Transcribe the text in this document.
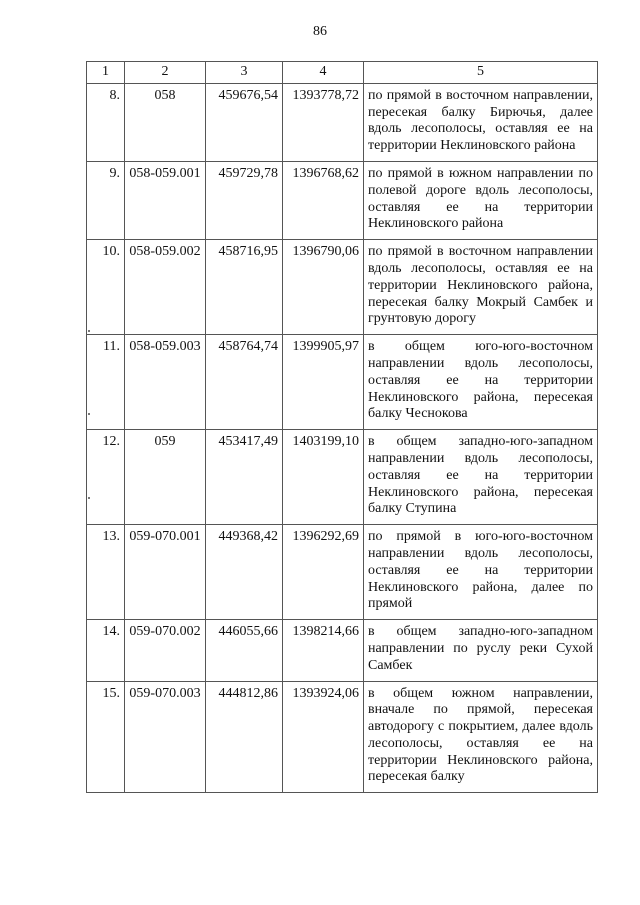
86
1	2	3	4	5
8.	058	459676,54	1393778,72	по прямой в восточном направлении, пересекая балку Бирючья, далее вдоль лесополосы, оставляя ее на территории Неклиновского района
9.	058-059.001	459729,78	1396768,62	по прямой в южном направлении по полевой дороге вдоль лесополосы, оставляя ее на территории Неклиновского района
10.	058-059.002	458716,95	1396790,06	по прямой в восточном направлении вдоль лесополосы, оставляя ее на территории Неклиновского района, пересекая балку Мокрый Самбек и грунтовую дорогу
11.	058-059.003	458764,74	1399905,97	в общем юго-юго-восточном направлении вдоль лесополосы, оставляя ее на территории Неклиновского района, пересекая балку Чеснокова
12.	059	453417,49	1403199,10	в общем западно-юго-западном направлении вдоль лесополосы, оставляя ее на территории Неклиновского района, пересекая балку Ступина
13.	059-070.001	449368,42	1396292,69	по прямой в юго-юго-восточном направлении вдоль лесополосы, оставляя ее на территории Неклиновского района, далее по прямой
14.	059-070.002	446055,66	1398214,66	в общем западно-юго-западном направлении по руслу реки Сухой Самбек
15.	059-070.003	444812,86	1393924,06	в общем южном направлении, вначале по прямой, пересекая автодорогу с покрытием, далее вдоль лесополосы, оставляя ее на территории Неклиновского района, пересекая балку
